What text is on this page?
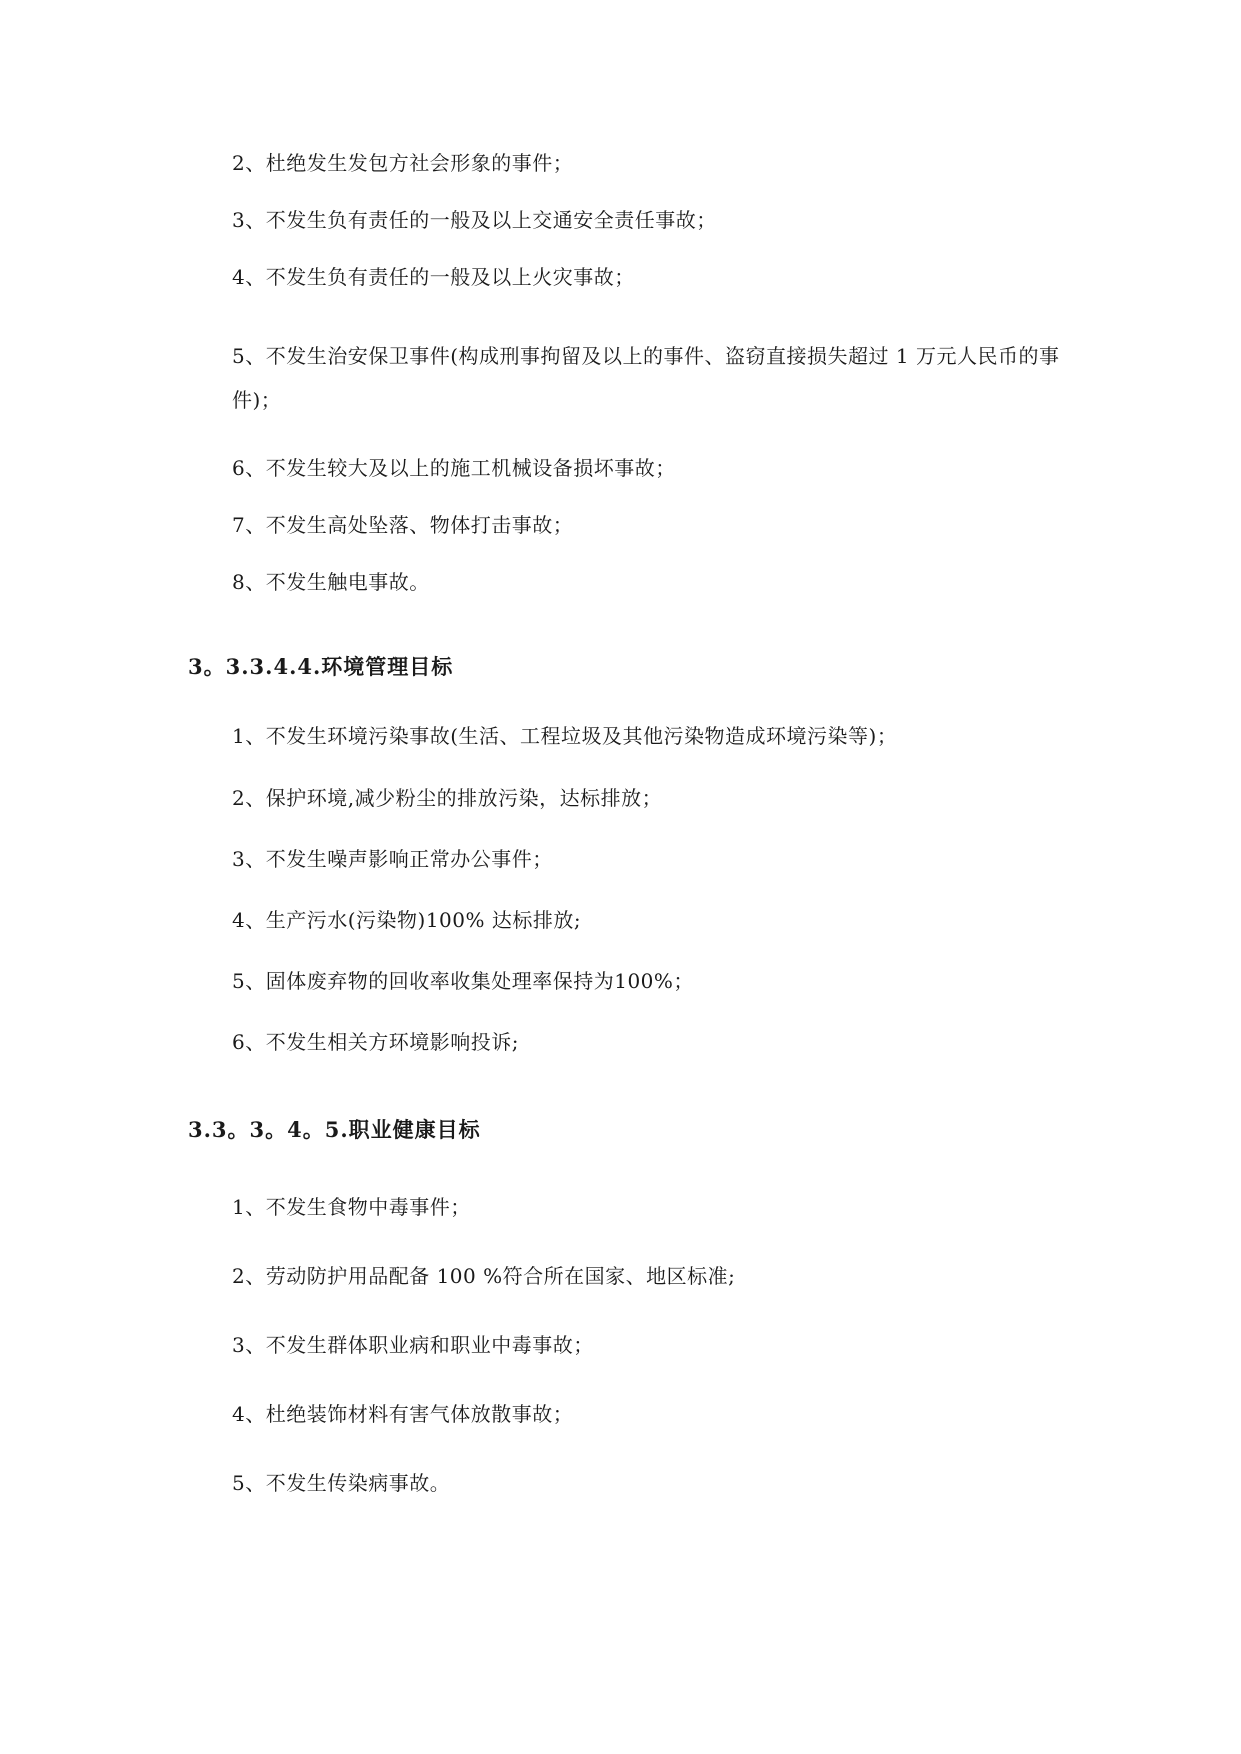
2、杜绝发生发包方社会形象的事件；
3、不发生负有责任的一般及以上交通安全责任事故；
4、不发生负有责任的一般及以上火灾事故；
5、不发生治安保卫事件(构成刑事拘留及以上的事件、盗窃直接损失超过 1 万元人民币的事件)；
6、不发生较大及以上的施工机械设备损坏事故；
7、不发生高处坠落、物体打击事故；
8、不发生触电事故。
3。3.3.4.4.环境管理目标
1、不发生环境污染事故(生活、工程垃圾及其他污染物造成环境污染等)；
2、保护环境,减少粉尘的排放污染，达标排放；
3、不发生噪声影响正常办公事件；
4、生产污水(污染物)100% 达标排放;
5、固体废弃物的回收率收集处理率保持为100%；
6、不发生相关方环境影响投诉;
3.3。3。4。5.职业健康目标
1、不发生食物中毒事件；
2、劳动防护用品配备 100 %符合所在国家、地区标准;
3、不发生群体职业病和职业中毒事故；
4、杜绝装饰材料有害气体放散事故；
5、不发生传染病事故。
